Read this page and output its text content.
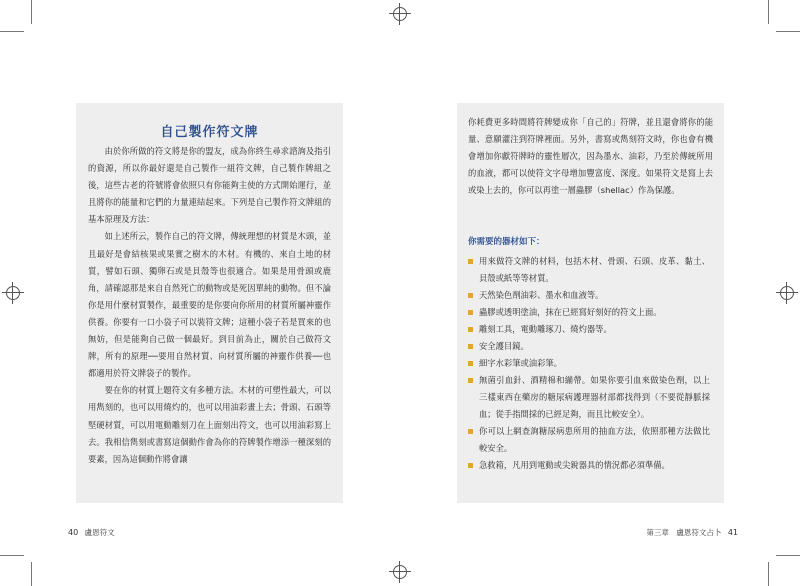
自己製作符文牌

由於你所做的符文將是你的盟友，成為你終生尋求諮詢及指引的資源，所以你最好還是自己製作一組符文牌，自己製作牌組之後，這些古老的符號將會依照只有你能夠主使的方式開始運行，並且將你的能量和它們的力量連結起來。下列是自己製作符文牌組的基本原理及方法：

如上述所云，製作自己的符文牌，傳統理想的材質是木頭，並且最好是會結核果或果實之樹木的木材。有機的、來自土地的材質，譬如石頭、獨卵石或是貝殼等也很適合。如果是用骨頭或鹿角，請確認那是來自自然死亡的動物或是死因單純的動物。但不論你是用什麼材質製作，最重要的是你要向你所用的材質所屬神靈作供養。你要有一口小袋子可以裝符文牌；這種小袋子若是買來的也無妨，但是能夠自己做一個最好。到目前為止，關於自己做符文牌，所有的原理──要用自然材質、向材質所屬的神靈作供養──也都適用於符文牌袋子的製作。

要在你的材質上題符文有多種方法。木材的可塑性最大，可以用雋刻的，也可以用燒灼的，也可以用油彩畫上去；骨頭、石頭等堅硬材質，可以用電動雕刻刀在上面刻出符文，也可以用油彩寫上去。我相信雋刻或書寫這個動作會為你的符牌製作增添一種深刻的要素，因為這個動作將會讓

40 盧恩符文

你耗費更多時間將符牌變成你「自己的」符牌，並且還會將你的能量、意願灌注到符牌裡面。另外，書寫或雋刻符文時，你也會有機會增加你獻符牌時的靈性層次，因為墨水、油彩，乃至於傳統所用的血液，都可以使符文字母增加豐富度、深度。如果符文是寫上去或染上去的，你可以再塗一層蟲膠（shellac）作為保護。

你需要的器材如下：
用來做符文牌的材料，包括木材、骨頭、石頭、皮革、黏土、貝殼或紙等等材質。
天然染色劑油彩、墨水和血液等。
蟲膠或透明塗油，抹在已經寫好刻好的符文上面。
雕刻工具，電動雕琢刀、燒灼器等。
安全護目鏡。
細字水彩筆或油彩筆。
無菌引血針、酒精棉和繃帶。如果你要引血來做染色劑，以上三樣東西在藥房的糖尿病護理器材部都找得到（不要從靜脈採血；從手指間採的已經足夠，而且比較安全）。
你可以上網查詢糖尿病患所用的抽血方法，依照那種方法做比較安全。
急救箱，凡用到電動或尖銳器具的情況都必須準備。
第三章　盧恩符文占卜 41
